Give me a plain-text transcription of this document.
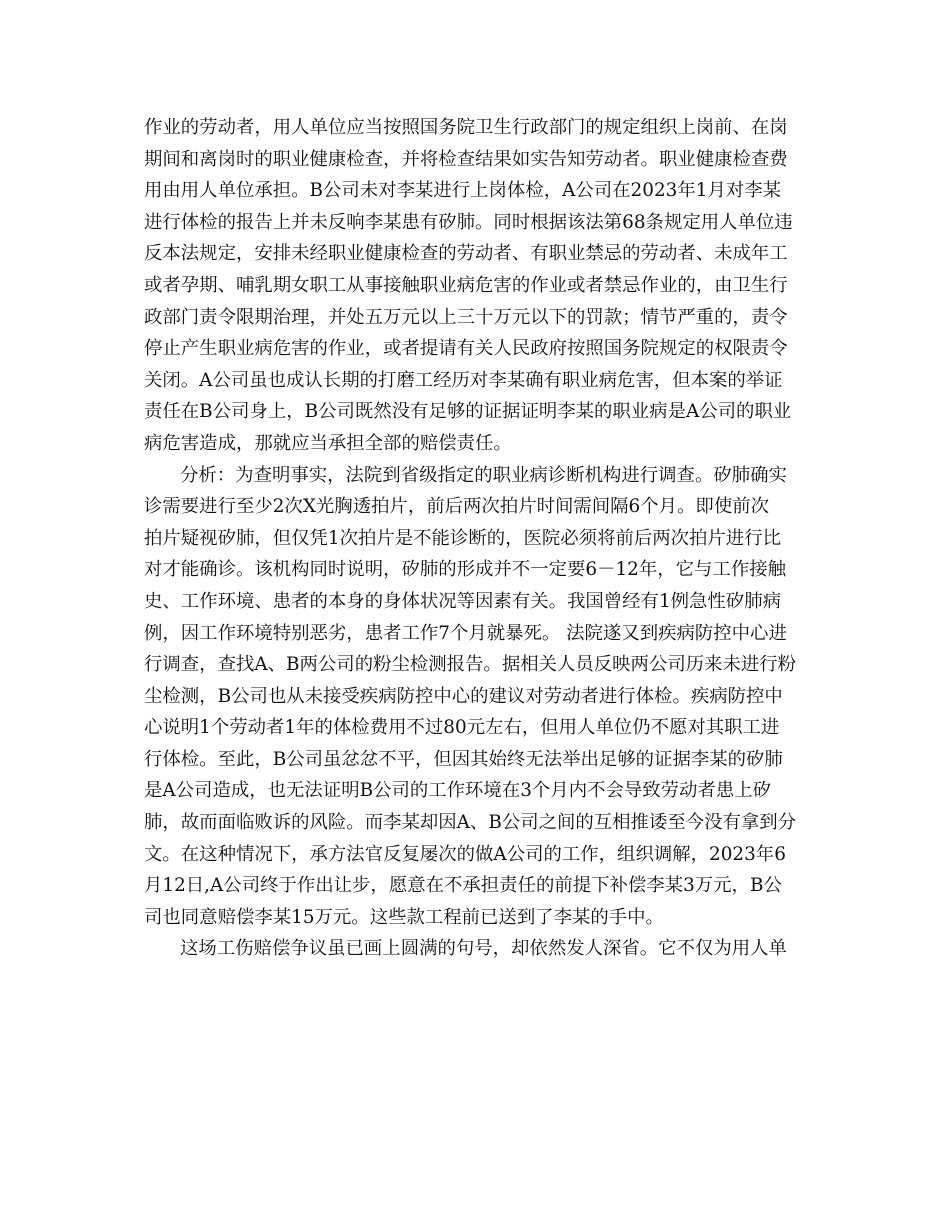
作业的劳动者，用人单位应当按照国务院卫生行政部门的规定组织上岗前、在岗
期间和离岗时的职业健康检查，并将检查结果如实告知劳动者。职业健康检查费
用由用人单位承担。B公司未对李某进行上岗体检，A公司在2023年1月对李某
进行体检的报告上并未反响李某患有矽肺。同时根据该法第68条规定用人单位违
反本法规定，安排未经职业健康检查的劳动者、有职业禁忌的劳动者、未成年工
或者孕期、哺乳期女职工从事接触职业病危害的作业或者禁忌作业的，由卫生行
政部门责令限期治理，并处五万元以上三十万元以下的罚款；情节严重的，责令
停止产生职业病危害的作业，或者提请有关人民政府按照国务院规定的权限责令
关闭。A公司虽也成认长期的打磨工经历对李某确有职业病危害，但本案的举证
责任在B公司身上，B公司既然没有足够的证据证明李某的职业病是A公司的职业
病危害造成，那就应当承担全部的赔偿责任。
分析：为查明事实，法院到省级指定的职业病诊断机构进行调查。矽肺确实
诊需要进行至少2次X光胸透拍片，前后两次拍片时间需间隔6个月。即使前次
拍片疑视矽肺，但仅凭1次拍片是不能诊断的，医院必须将前后两次拍片进行比
对才能确诊。该机构同时说明，矽肺的形成并不一定要6－12年，它与工作接触
史、工作环境、患者的本身的身体状况等因素有关。我国曾经有1例急性矽肺病
例，因工作环境特别恶劣，患者工作7个月就暴死。 法院遂又到疾病防控中心进
行调查，查找A、B两公司的粉尘检测报告。据相关人员反映两公司历来未进行粉
尘检测，B公司也从未接受疾病防控中心的建议对劳动者进行体检。疾病防控中
心说明1个劳动者1年的体检费用不过80元左右，但用人单位仍不愿对其职工进
行体检。至此，B公司虽忿忿不平，但因其始终无法举出足够的证据李某的矽肺
是A公司造成，也无法证明B公司的工作环境在3个月内不会导致劳动者患上矽
肺，故而面临败诉的风险。而李某却因A、B公司之间的互相推诿至今没有拿到分
文。在这种情况下，承方法官反复屡次的做A公司的工作，组织调解，2023年6
月12日,A公司终于作出让步，愿意在不承担责任的前提下补偿李某3万元，B公
司也同意赔偿李某15万元。这些款工程前已送到了李某的手中。
这场工伤赔偿争议虽已画上圆满的句号，却依然发人深省。它不仅为用人单
